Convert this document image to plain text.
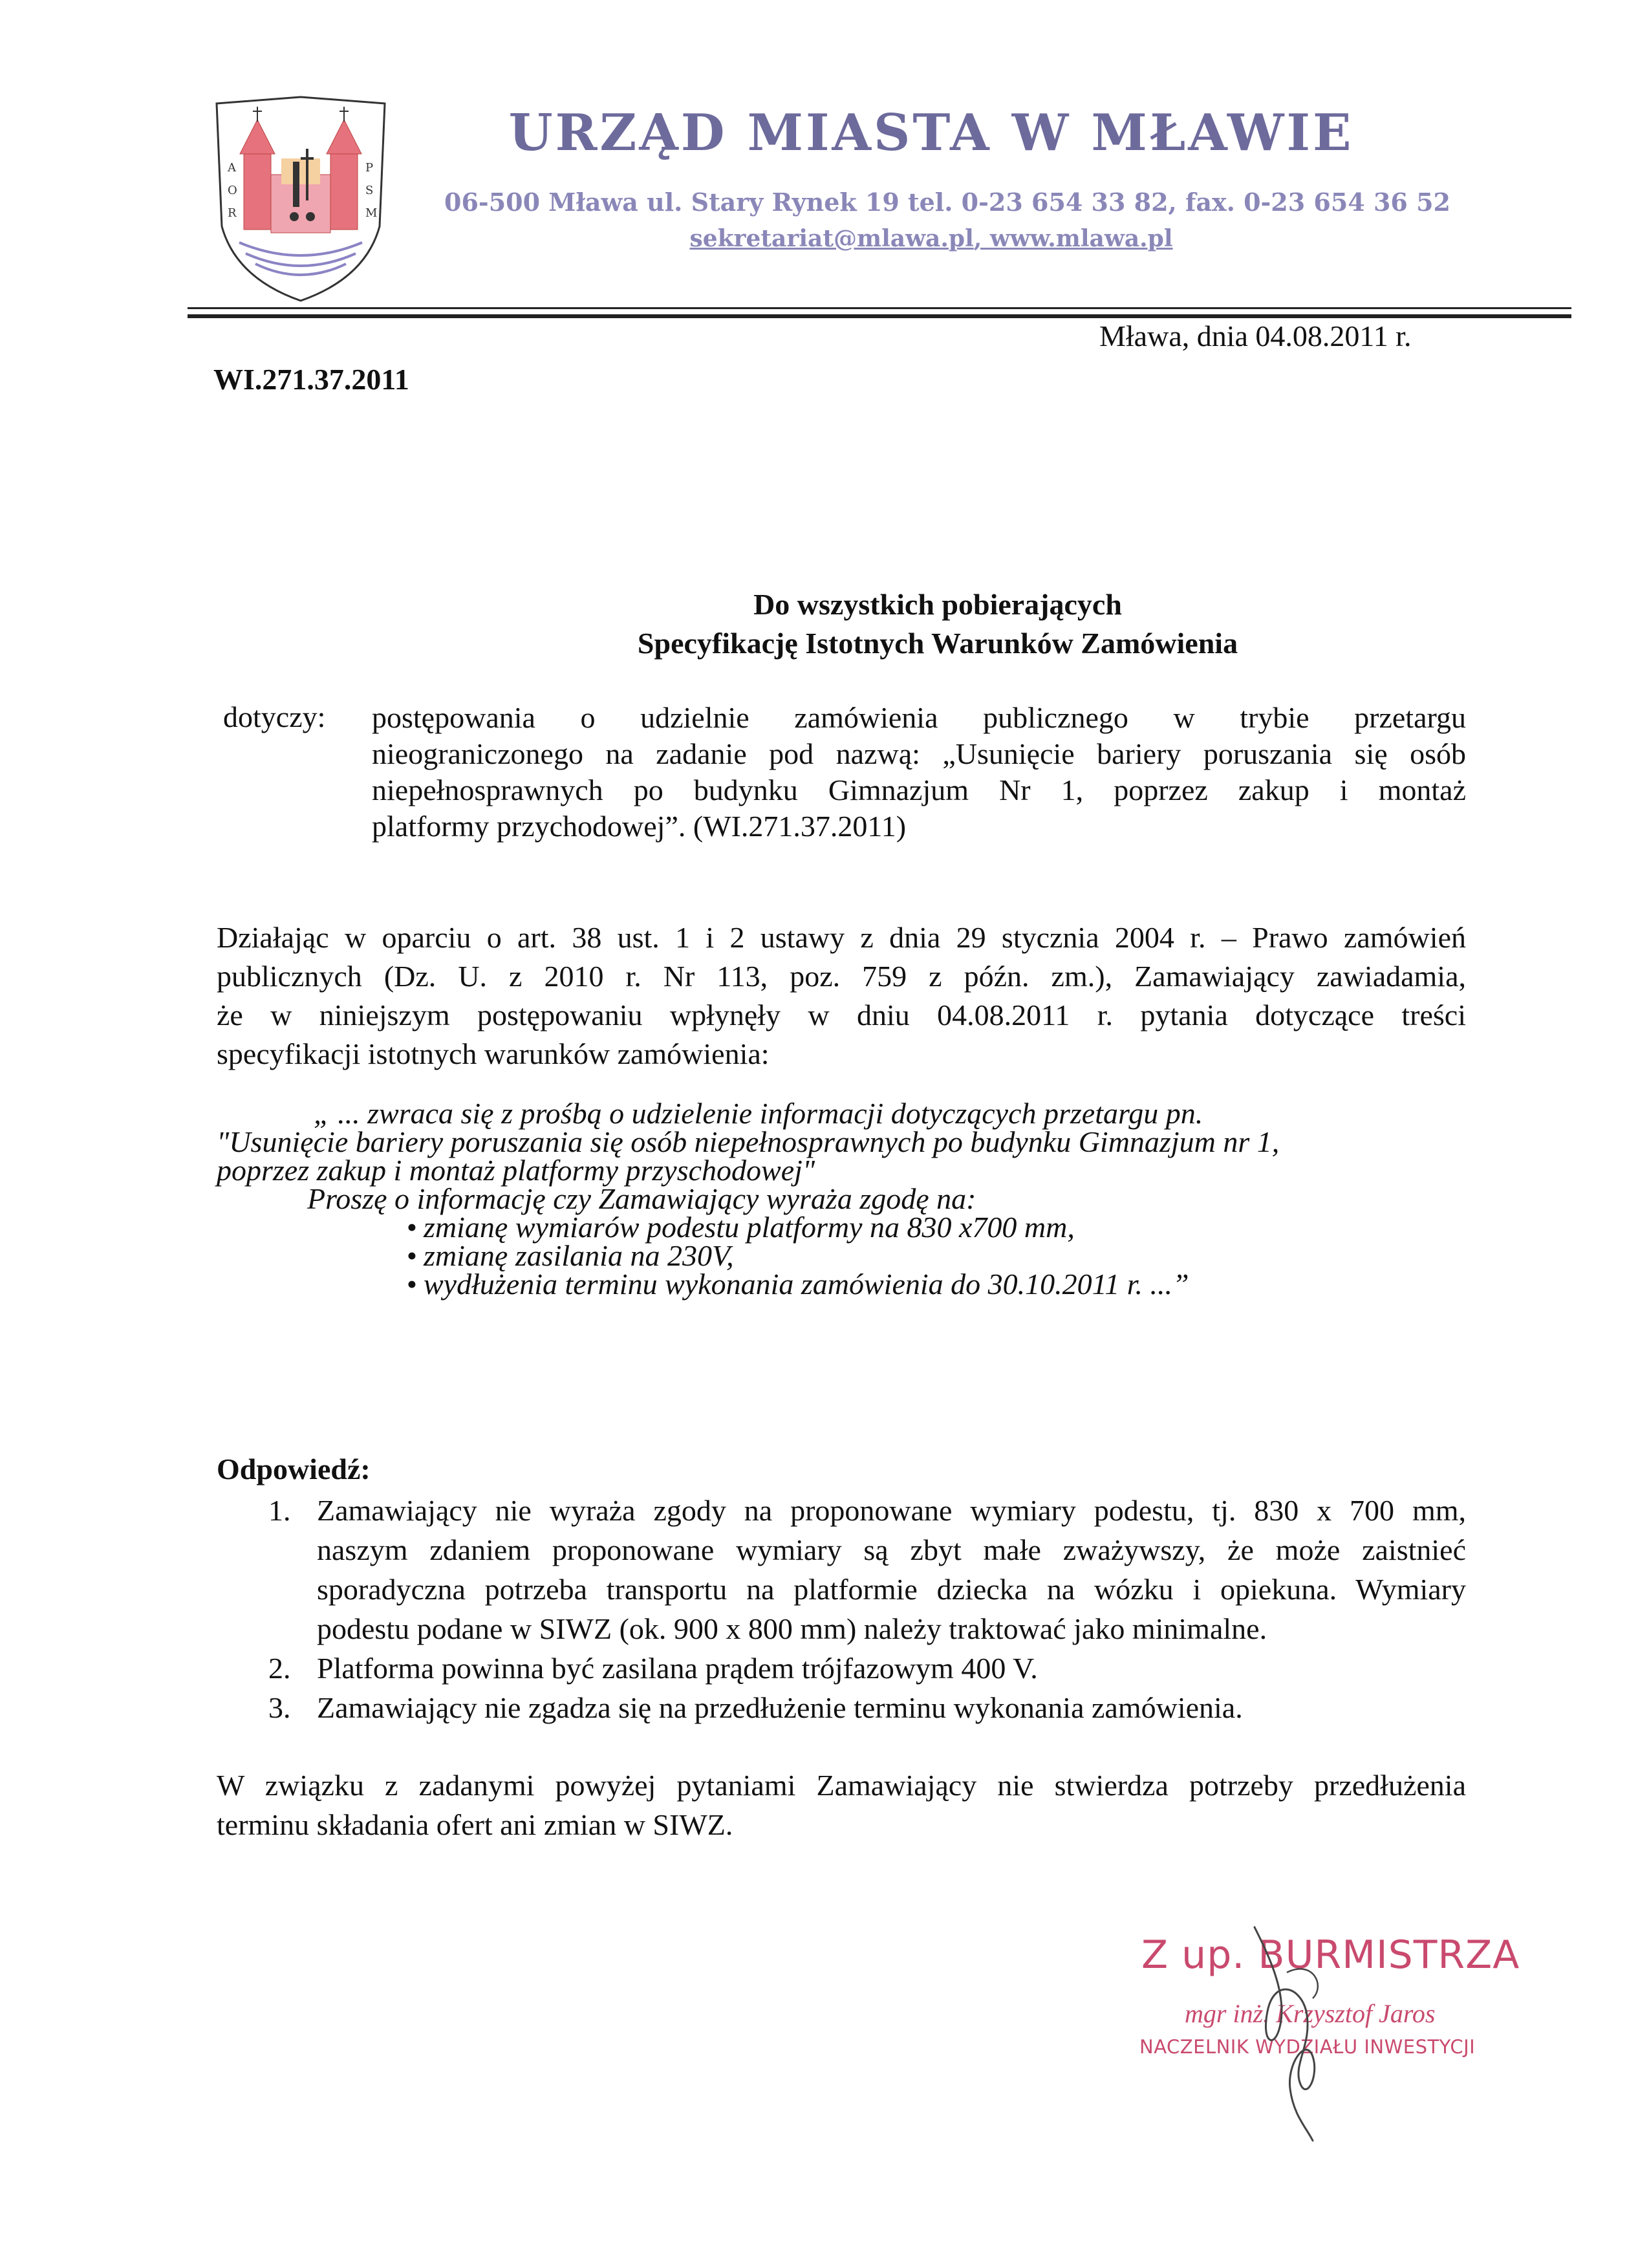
A
O
R
P
S
M
URZĄD MIASTA W MŁAWIE
06-500 Mława ul. Stary Rynek 19 tel. 0-23 654 33 82, fax. 0-23 654 36 52
sekretariat@mlawa.pl, www.mlawa.pl
Mława, dnia 04.08.2011 r.
WI.271.37.2011
Do wszystkich pobierających
Specyfikację Istotnych Warunków Zamówienia
dotyczy: postępowania o udzielnie zamówienia publicznego w trybie przetargu
nieograniczonego na zadanie pod nazwą: „Usunięcie bariery poruszania się osób
niepełnosprawnych po budynku Gimnazjum Nr 1, poprzez zakup i montaż
platformy przychodowej”. (WI.271.37.2011)
Działając w oparciu o art. 38 ust. 1 i 2 ustawy z dnia 29 stycznia 2004 r. – Prawo zamówień
publicznych (Dz. U. z 2010 r. Nr 113, poz. 759 z późn. zm.), Zamawiający zawiadamia,
że w niniejszym postępowaniu wpłynęły w dniu 04.08.2011 r. pytania dotyczące treści
specyfikacji istotnych warunków zamówienia:
„ ... zwraca się z prośbą o udzielenie informacji dotyczących przetargu pn.
"Usunięcie bariery poruszania się osób niepełnosprawnych po budynku Gimnazjum nr 1,
poprzez zakup i montaż platformy przyschodowej"
Proszę o informację czy Zamawiający wyraża zgodę na:
• zmianę wymiarów podestu platformy na 830 x700 mm,
• zmianę zasilania na 230V,
• wydłużenia terminu wykonania zamówienia do 30.10.2011 r. ...”
Odpowiedź:
1. Zamawiający nie wyraża zgody na proponowane wymiary podestu, tj. 830 x 700 mm,
naszym zdaniem proponowane wymiary są zbyt małe zważywszy, że może zaistnieć
sporadyczna potrzeba transportu na platformie dziecka na wózku i opiekuna. Wymiary
podestu podane w SIWZ (ok. 900 x 800 mm) należy traktować jako minimalne.
2. Platforma powinna być zasilana prądem trójfazowym 400 V.
3. Zamawiający nie zgadza się na przedłużenie terminu wykonania zamówienia.
W związku z zadanymi powyżej pytaniami Zamawiający nie stwierdza potrzeby przedłużenia
terminu składania ofert ani zmian w SIWZ.
Z up. BURMISTRZA
mgr inż. Krzysztof Jaros
NACZELNIK WYDZIAŁU INWESTYCJI
